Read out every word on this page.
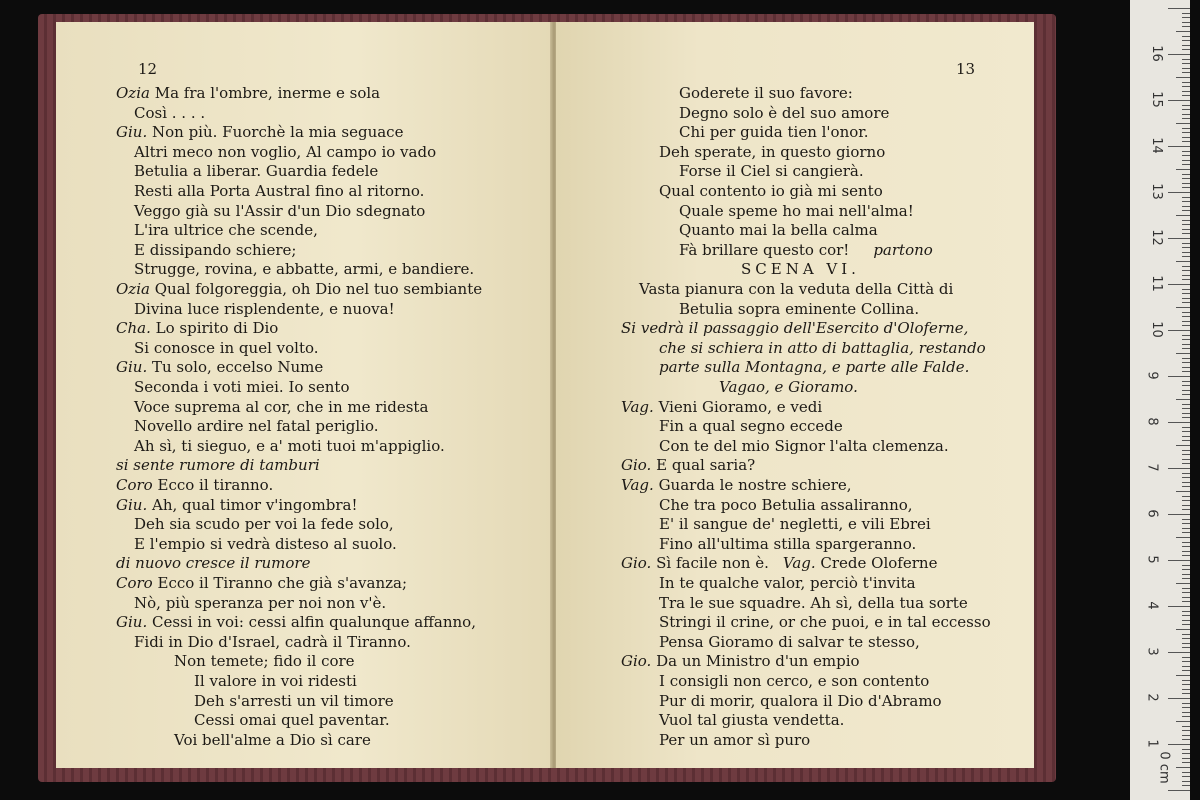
12
Ozia Ma fra l'ombre, inerme e sola
Così . . . .
Giu. Non più. Fuorchè la mia seguace
Altri meco non voglio, Al campo io vado
Betulia a liberar. Guardia fedele
Resti alla Porta Austral fino al ritorno.
Veggo già su l'Assir d'un Dio sdegnato
L'ira ultrice che scende,
E dissipando schiere;
Strugge, rovina, e abbatte, armi, e bandiere.
Ozia Qual folgoreggia, oh Dio nel tuo sembiante
Divina luce risplendente, e nuova!
Cha. Lo spirito di Dio
Si conosce in quel volto.
Giu. Tu solo, eccelso Nume
Seconda i voti miei. Io sento
Voce suprema al cor, che in me ridesta
Novello ardire nel fatal periglio.
Ah sì, ti sieguo, e a' moti tuoi m'appiglio.
si sente rumore di tamburi
Coro Ecco il tiranno.
Giu. Ah, qual timor v'ingombra!
Deh sia scudo per voi la fede solo,
E l'empio si vedrà disteso al suolo.
di nuovo cresce il rumore
Coro Ecco il Tiranno che già s'avanza;
Nò, più speranza per noi non v'è.
Giu. Cessi in voi: cessi alfin qualunque affanno,
Fidi in Dio d'Israel, cadrà il Tiranno.
Non temete; fido il core
Il valore in voi ridesti
Deh s'arresti un vil timore
Cessi omai quel paventar.
Voi bell'alme a Dio sì care
13
Goderete il suo favore:
Degno solo è del suo amore
Chi per guida tien l'onor.
Deh sperate, in questo giorno
Forse il Ciel si cangierà.
Qual contento io già mi sento
Quale speme ho mai nell'alma!
Quanto mai la bella calma
Fà brillare questo cor! partono
SCENA VI.
Vasta pianura con la veduta della Città di
Betulia sopra eminente Collina.
Si vedrà il passaggio dell'Esercito d'Oloferne,
che si schiera in atto di battaglia, restando
parte sulla Montagna, e parte alle Falde.
Vagao, e Gioramo.
Vag. Vieni Gioramo, e vedi
Fin a qual segno eccede
Con te del mio Signor l'alta clemenza.
Gio. E qual saria?
Vag. Guarda le nostre schiere,
Che tra poco Betulia assaliranno,
E' il sangue de' negletti, e vili Ebrei
Fino all'ultima stilla spargeranno.
Gio. Sì facile non è. Vag. Crede Oloferne
In te qualche valor, perciò t'invita
Tra le sue squadre. Ah sì, della tua sorte
Stringi il crine, or che puoi, e in tal eccesso
Pensa Gioramo di salvar te stesso,
Gio. Da un Ministro d'un empio
I consigli non cerco, e son contento
Pur di morir, qualora il Dio d'Abramo
Vuol tal giusta vendetta.
Per un amor sì puro
0 cm
16
15
14
13
12
11
10
9
8
7
6
5
4
3
2
1
